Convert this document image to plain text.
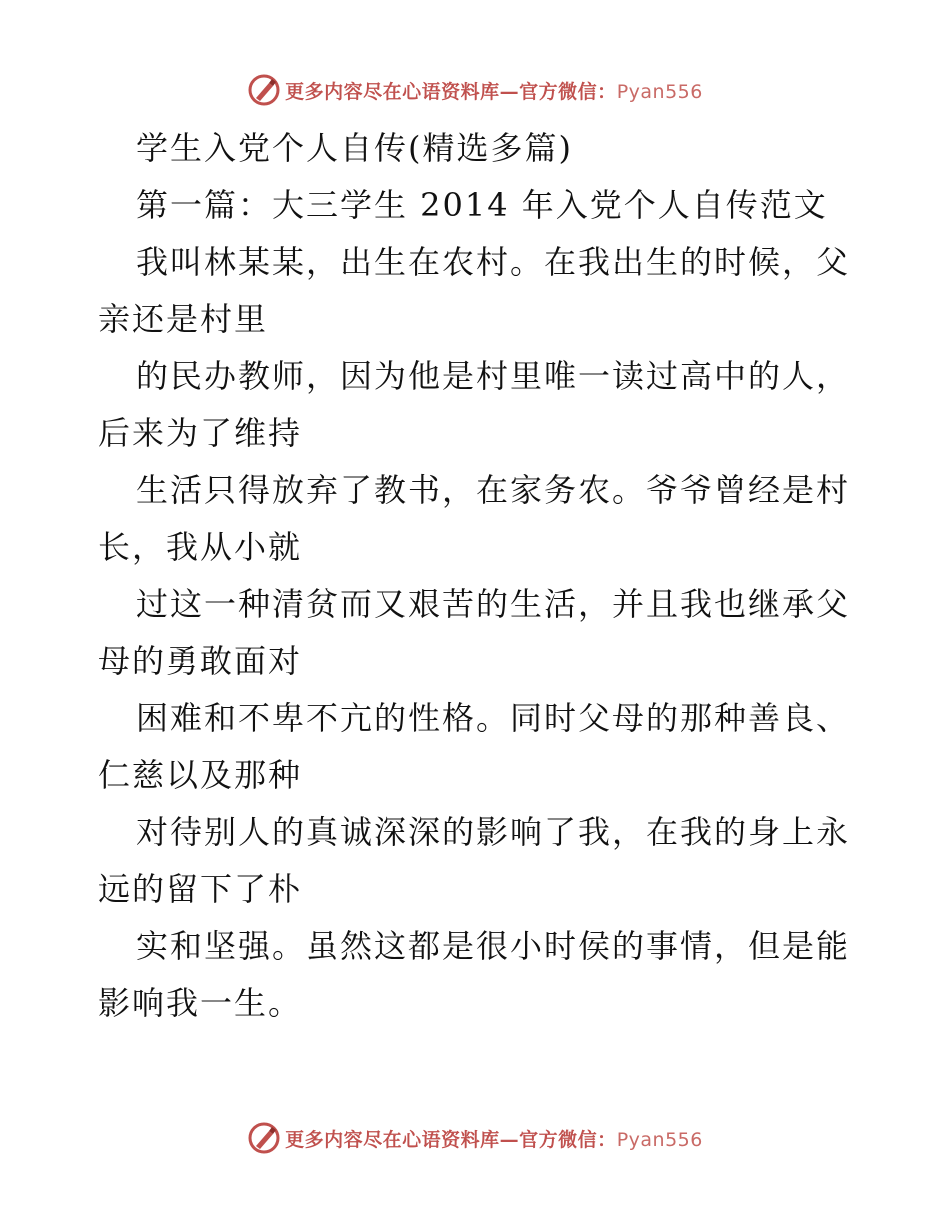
更多内容尽在心语资料库—官方微信：Pyan556
学生入党个人自传(精选多篇)
第一篇：大三学生 2014 年入党个人自传范文
我叫林某某，出生在农村。在我出生的时候，父
亲还是村里
的民办教师，因为他是村里唯一读过高中的人，
后来为了维持
生活只得放弃了教书，在家务农。爷爷曾经是村
长，我从小就
过这一种清贫而又艰苦的生活，并且我也继承父
母的勇敢面对
困难和不卑不亢的性格。同时父母的那种善良、
仁慈以及那种
对待别人的真诚深深的影响了我，在我的身上永
远的留下了朴
实和坚强。虽然这都是很小时侯的事情，但是能
影响我一生。
更多内容尽在心语资料库—官方微信：Pyan556
